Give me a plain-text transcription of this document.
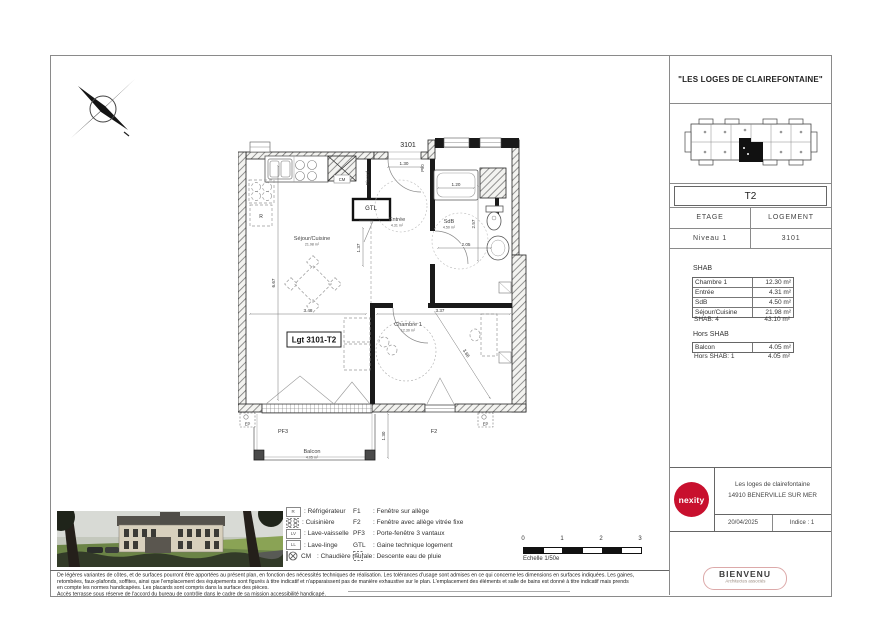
CM
R
EP	EP
3101
Lgt 3101-T2
Séjour/Cuisine
21.98 m²
Entrée
4.31 m²
SdB
4.50 m²
Chambre 1
12.30 m²
Balcon
4.05 m²
GTL
Placard
P90
PF3	F2
6.67
3.48
1.37
3.37
3.66
1.30
1.20
2.57
2.05
1.30
R : Réfrigérateur
: Cuisinière
LV : Lave-vaisselle
LL : Lave-linge
CM : Chaudière murale
F1	: Fenêtre sur allège
F2	: Fenêtre avec allège vitrée fixe
PF3	: Porte-fenêtre 3 vantaux
GTL	: Gaine technique logement
: Descente eau de pluie
0	1	2	3
Echelle 1/50e
De légères variantes de côtes, et de surfaces pourront être apportées au présent plan, en fonction des nécessités techniques de réalisation. Les tolérances d'usage sont admises en ce qui concerne les dimensions en surfaces indiquées. Les gaines,
retombées, faux-plafonds, soffites, ainsi que l'emplacement des équipements sont figurés à titre indicatif et n'apparaissent pas de manière exhaustive sur le plan. L'emplacement des éléments et salle de bains est donné à titre indicatif mais prends
en compte les normes handicapées. Les placards sont compris dans la surface des pièces.
Accès terrasse sous réserve de l'accord du bureau de contrôle dans le cadre de sa mission accessibilité handicapé.
"LES LOGES DE CLAIREFONTAINE"
T2
ETAGE	LOGEMENT
Niveau 1	3101
SHAB
Chambre 1	12.30 m²
Entrée	4.31 m²
SdB	4.50 m²
Séjour/Cuisine	21.98 m²
SHAB: 4	43.10 m²
Hors SHAB
Balcon	4.05 m²
Hors SHAB: 1	4.05 m²
nexity
Les loges de clairefontaine
14910 BENERVILLE SUR MER
20/04/2025	Indice : 1
BIENVENU
Architectes associés
